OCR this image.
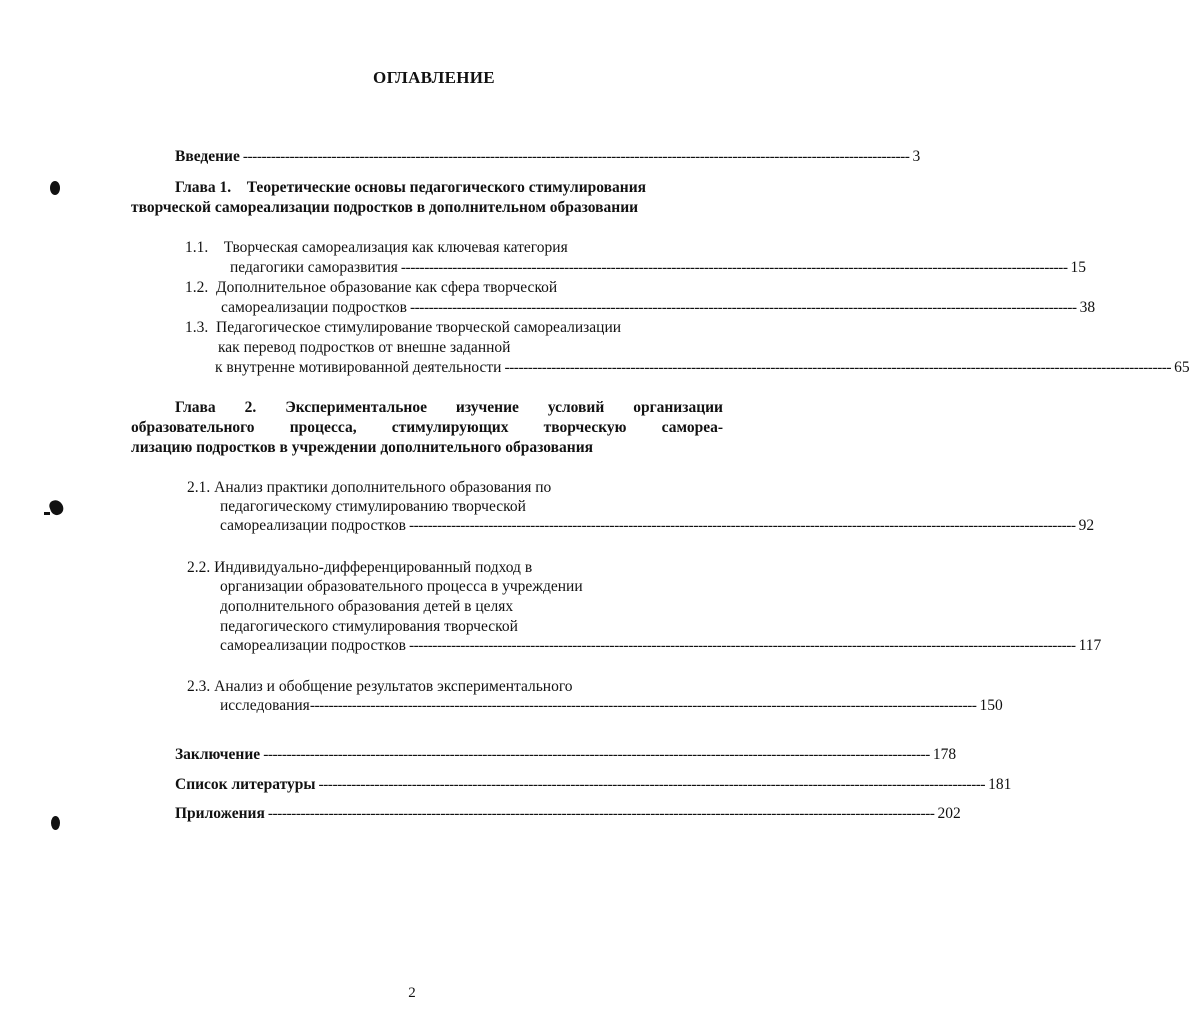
ОГЛАВЛЕНИЕ
Введение ----------------------------------------------------------------------------------------------------------------------------------------------- 3
Глава 1. Теоретические основы педагогического стимулирования
творческой самореализации подростков в дополнительном образовании
1.1. Творческая самореализация как ключевая категория
педагогики саморазвития ----------------------------------------------------------------------------------------------------------------------------------------------- 15
1.2. Дополнительное образование как сфера творческой
самореализации подростков ----------------------------------------------------------------------------------------------------------------------------------------------- 38
1.3. Педагогическое стимулирование творческой самореализации
как перевод подростков от внешне заданной
к внутренне мотивированной деятельности ----------------------------------------------------------------------------------------------------------------------------------------------- 65
Глава 2. Экспериментальное изучение условий организации
образовательного процесса, стимулирующих творческую самореа-
лизацию подростков в учреждении дополнительного образования
2.1. Анализ практики дополнительного образования по
педагогическому стимулированию творческой
самореализации подростков ----------------------------------------------------------------------------------------------------------------------------------------------- 92
2.2. Индивидуально-дифференцированный подход в
организации образовательного процесса в учреждении
дополнительного образования детей в целях
педагогического стимулирования творческой
самореализации подростков ----------------------------------------------------------------------------------------------------------------------------------------------- 117
2.3. Анализ и обобщение результатов экспериментального
исследования ----------------------------------------------------------------------------------------------------------------------------------------------- 150
Заключение ----------------------------------------------------------------------------------------------------------------------------------------------- 178
Список литературы ----------------------------------------------------------------------------------------------------------------------------------------------- 181
Приложения ----------------------------------------------------------------------------------------------------------------------------------------------- 202
2
